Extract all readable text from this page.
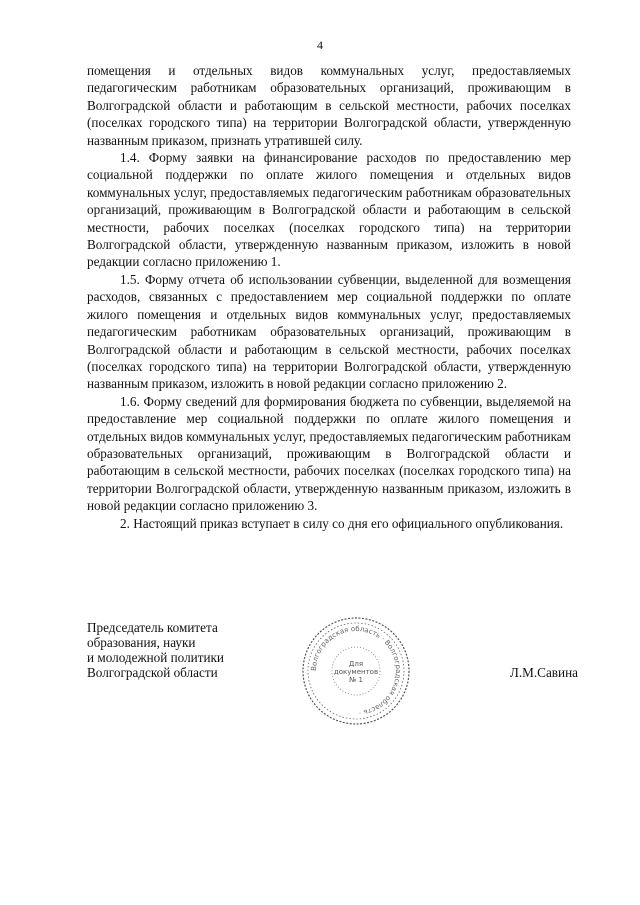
4

помещения и отдельных видов коммунальных услуг, предоставляемых педагогическим работникам образовательных организаций, проживающим в Волгоградской области и работающим в сельской местности, рабочих поселках (поселках городского типа) на территории Волгоградской области, утвержденную названным приказом, признать утратившей силу.

1.4. Форму заявки на финансирование расходов по предоставлению мер социальной поддержки по оплате жилого помещения и отдельных видов коммунальных услуг, предоставляемых педагогическим работникам образовательных организаций, проживающим в Волгоградской области и работающим в сельской местности, рабочих поселках (поселках городского типа) на территории Волгоградской области, утвержденную названным приказом, изложить в новой редакции согласно приложению 1.

1.5. Форму отчета об использовании субвенции, выделенной для возмещения расходов, связанных с предоставлением мер социальной поддержки по оплате жилого помещения и отдельных видов коммунальных услуг, предоставляемых педагогическим работникам образовательных организаций, проживающим в Волгоградской области и работающим в сельской местности, рабочих поселках (поселках городского типа) на территории Волгоградской области, утвержденную названным приказом, изложить в новой редакции согласно приложению 2.

1.6. Форму сведений для формирования бюджета по субвенции, выделяемой на предоставление мер социальной поддержки по оплате жилого помещения и отдельных видов коммунальных услуг, предоставляемых педагогическим работникам образовательных организаций, проживающим в Волгоградской области и работающим в сельской местности, рабочих поселках (поселках городского типа) на территории Волгоградской области, утвержденную названным приказом, изложить в новой редакции согласно приложению 3.

2. Настоящий приказ вступает в силу со дня его официального опубликования.

Председатель комитета
образования, науки
и молодежной политики
Волгоградской области	Волгоградская область · Волгоградская область ·
Для
документов
№ 1	Л.М.Савина
